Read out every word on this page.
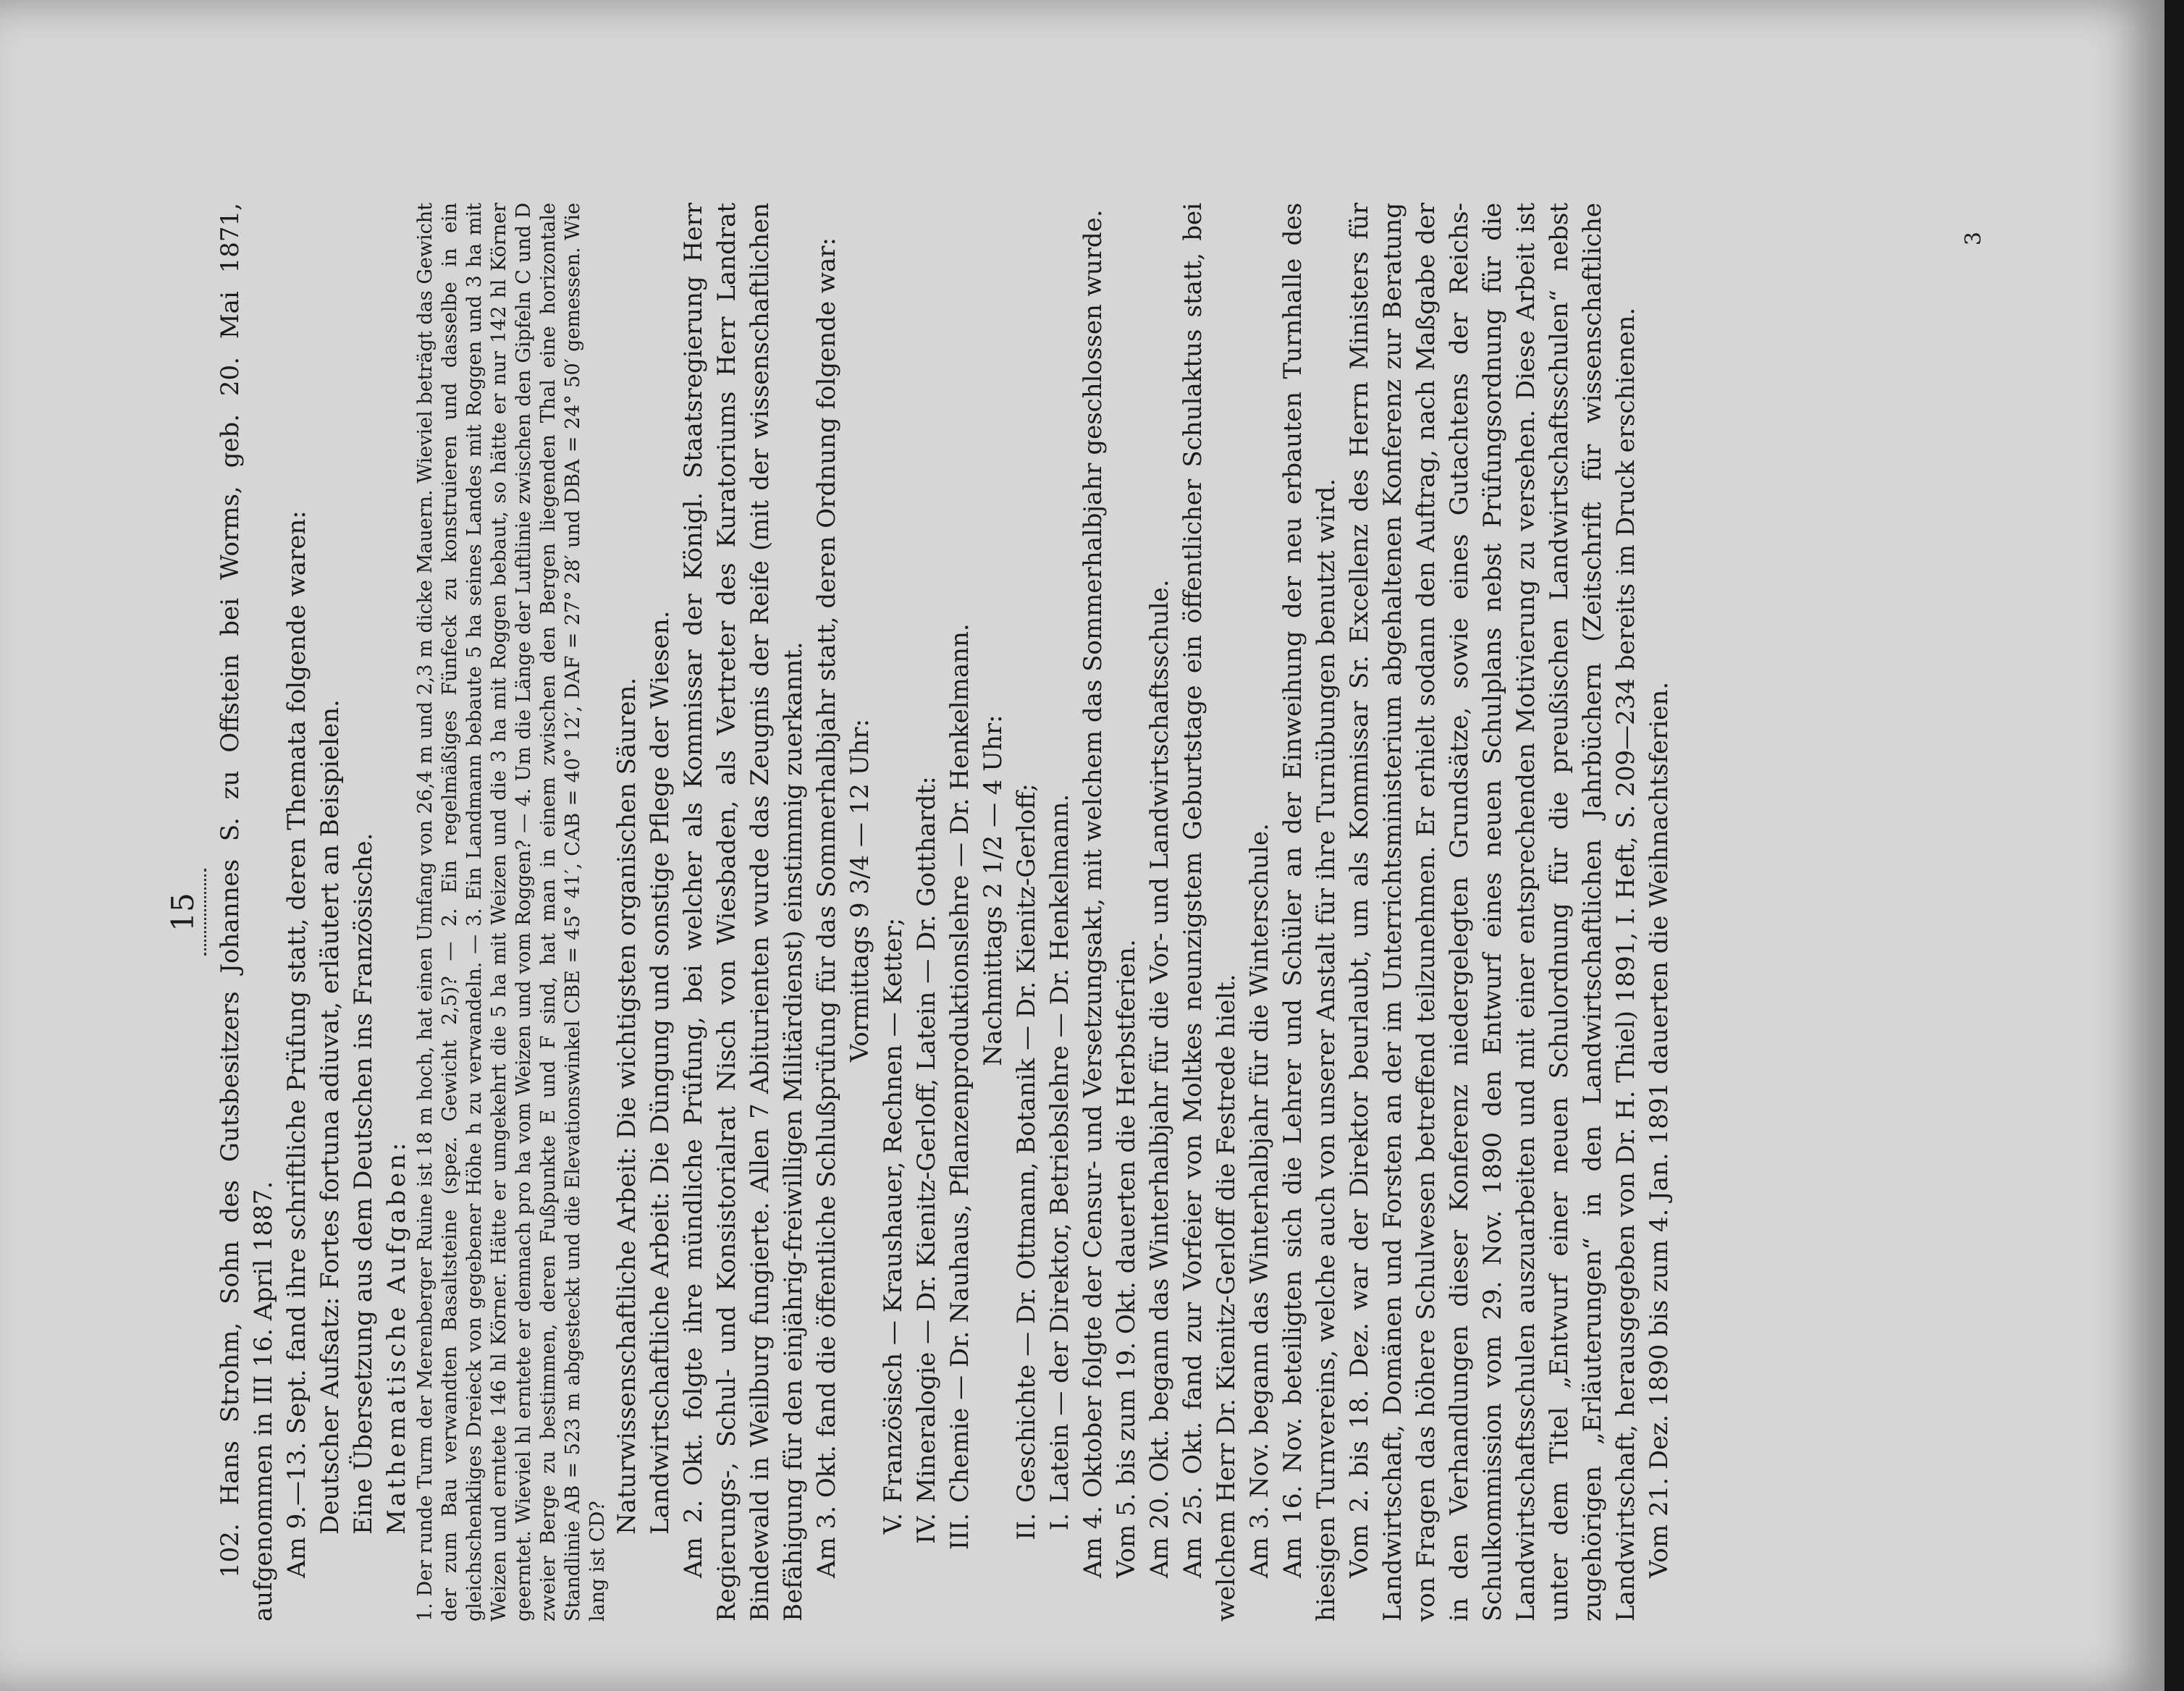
15 102. Hans Strohm, Sohn des Gutsbesitzers Johannes S. zu Offstein bei Worms, geb. 20. Mai 1871, aufgenommen in III 16. April 1887. Am 9.—13. Sept. fand ihre schriftliche Prüfung statt, deren Themata folgende waren: Deutscher Aufsatz: Fortes fortuna adiuvat, erläutert an Beispielen. Eine Übersetzung aus dem Deutschen ins Französische. Mathematische Aufgaben: 1. Der runde Turm der Merenberger Ruine ist 18 m hoch, hat einen Umfang von 26,4 m und 2,3 m dicke Mauern. Wieviel beträgt das Gewicht der zum Bau verwandten Basaltsteine (spez. Gewicht 2,5)? — 2. Ein regelmäßiges Fünfeck zu konstruieren und dasselbe in ein gleichschenkliges Dreieck von gegebener Höhe h zu verwandeln. — 3. Ein Landmann bebaute 5 ha seines Landes mit Roggen und 3 ha mit Weizen und erntete 146 hl Körner. Hätte er umgekehrt die 5 ha mit Weizen und die 3 ha mit Roggen bebaut, so hätte er nur 142 hl Körner geerntet. Wieviel hl erntete er demnach pro ha vom Weizen und vom Roggen? — 4. Um die Länge der Luftlinie zwischen den Gipfeln C und D zweier Berge zu bestimmen, deren Fußpunkte E und F sind, hat man in einem zwischen den Bergen liegenden Thal eine horizontale Standlinie AB = 523 m abgesteckt und die Elevationswinkel CBE = 45° 41′, CAB = 40° 12′, DAF = 27° 28′ und DBA = 24° 50′ gemessen. Wie lang ist CD?

Naturwissenschaftliche Arbeit: Die wichtigsten organischen Säuren. Landwirtschaftliche Arbeit: Die Düngung und sonstige Pflege der Wiesen. Am 2. Okt. folgte ihre mündliche Prüfung, bei welcher als Kommissar der Königl. Staatsregierung Herr Regierungs-, Schul- und Konsistorialrat Nisch von Wiesbaden, als Vertreter des Kuratoriums Herr Landrat Bindewald in Weilburg fungierte. Allen 7 Abiturienten wurde das Zeugnis der Reife (mit der wissenschaftlichen Befähigung für den einjährig-freiwilligen Militärdienst) einstimmig zuerkannt. Am 3. Okt. fand die öffentliche Schlußprüfung für das Sommerhalbjahr statt, deren Ordnung folgende war: Vormittags 9 3/4 — 12 Uhr:

V.
Französisch — Kraushauer, Rechnen — Ketter;
IV.
Mineralogie — Dr. Kienitz-Gerloff, Latein — Dr. Gotthardt:
III.
Chemie — Dr. Nauhaus, Pflanzenproduktionslehre — Dr. Henkelmann. Nachmittags 2 1/2 — 4 Uhr:

II.
Geschichte — Dr. Ottmann, Botanik — Dr. Kienitz-Gerloff;
I.
Latein — der Direktor, Betriebslehre — Dr. Henkelmann. Am 4. Oktober folgte der Censur- und Versetzungsakt, mit welchem das Sommerhalbjahr geschlossen wurde. Vom 5. bis zum 19. Okt. dauerten die Herbstferien. Am 20. Okt. begann das Winterhalbjahr für die Vor- und Landwirtschaftsschule. Am 25. Okt. fand zur Vorfeier von Moltkes neunzigstem Geburtstage ein öffentlicher Schulaktus statt, bei welchem Herr Dr. Kienitz-Gerloff die Festrede hielt. Am 3. Nov. begann das Winterhalbjahr für die Winterschule. Am 16. Nov. beteiligten sich die Lehrer und Schüler an der Einweihung der neu erbauten Turnhalle des hiesigen Turnvereins, welche auch von unserer Anstalt für ihre Turnübungen benutzt wird. Vom 2. bis 18. Dez. war der Direktor beurlaubt, um als Kommissar Sr. Excellenz des Herrn Ministers für Landwirtschaft, Domänen und Forsten an der im Unterrichtsministerium abgehaltenen Konferenz zur Beratung von Fragen das höhere Schulwesen betreffend teilzunehmen. Er erhielt sodann den Auftrag, nach Maßgabe der in den Verhandlungen dieser Konferenz niedergelegten Grundsätze, sowie eines Gutachtens der Reichs-Schulkommission vom 29. Nov. 1890 den Entwurf eines neuen Schulplans nebst Prüfungsordnung für die Landwirtschaftsschulen auszuarbeiten und mit einer entsprechenden Motivierung zu versehen. Diese Arbeit ist unter dem Titel „Entwurf einer neuen Schulordnung für die preußischen Landwirtschaftsschulen“ nebst zugehörigen „Erläuterungen“ in den Landwirtschaftlichen Jahrbüchern (Zeitschrift für wissenschaftliche Landwirtschaft, herausgegeben von Dr. H. Thiel) 1891, I. Heft, S. 209—234 bereits im Druck erschienen. Vom 21. Dez. 1890 bis zum 4. Jan. 1891 dauerten die Weihnachtsferien.

3
